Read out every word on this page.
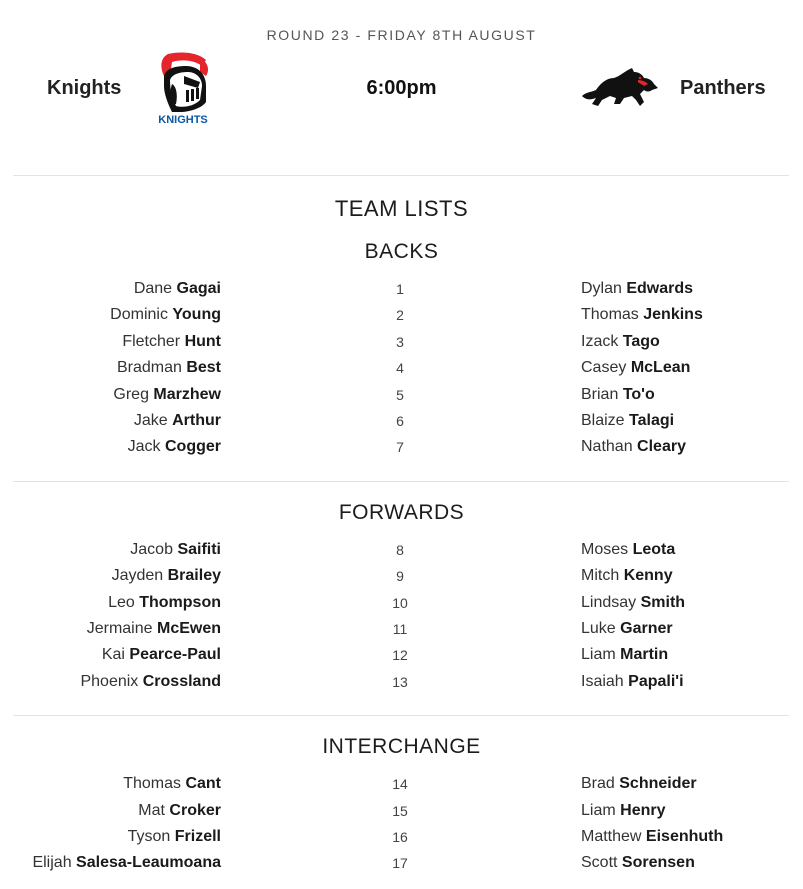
ROUND 23 - FRIDAY 8TH AUGUST
Knights
KNIGHTS
6:00pm	Panthers
TEAM LISTS
BACKS
Dane Gagai	1	Dylan Edwards
Dominic Young	2	Thomas Jenkins
Fletcher Hunt	3	Izack Tago
Bradman Best	4	Casey McLean
Greg Marzhew	5	Brian To'o
Jake Arthur	6	Blaize Talagi
Jack Cogger	7	Nathan Cleary
FORWARDS
Jacob Saifiti	8	Moses Leota
Jayden Brailey	9	Mitch Kenny
Leo Thompson	10	Lindsay Smith
Jermaine McEwen	11	Luke Garner
Kai Pearce-Paul	12	Liam Martin
Phoenix Crossland	13	Isaiah Papali'i
INTERCHANGE
Thomas Cant	14	Brad Schneider
Mat Croker	15	Liam Henry
Tyson Frizell	16	Matthew Eisenhuth
Elijah Salesa-Leaumoana	17	Scott Sorensen
